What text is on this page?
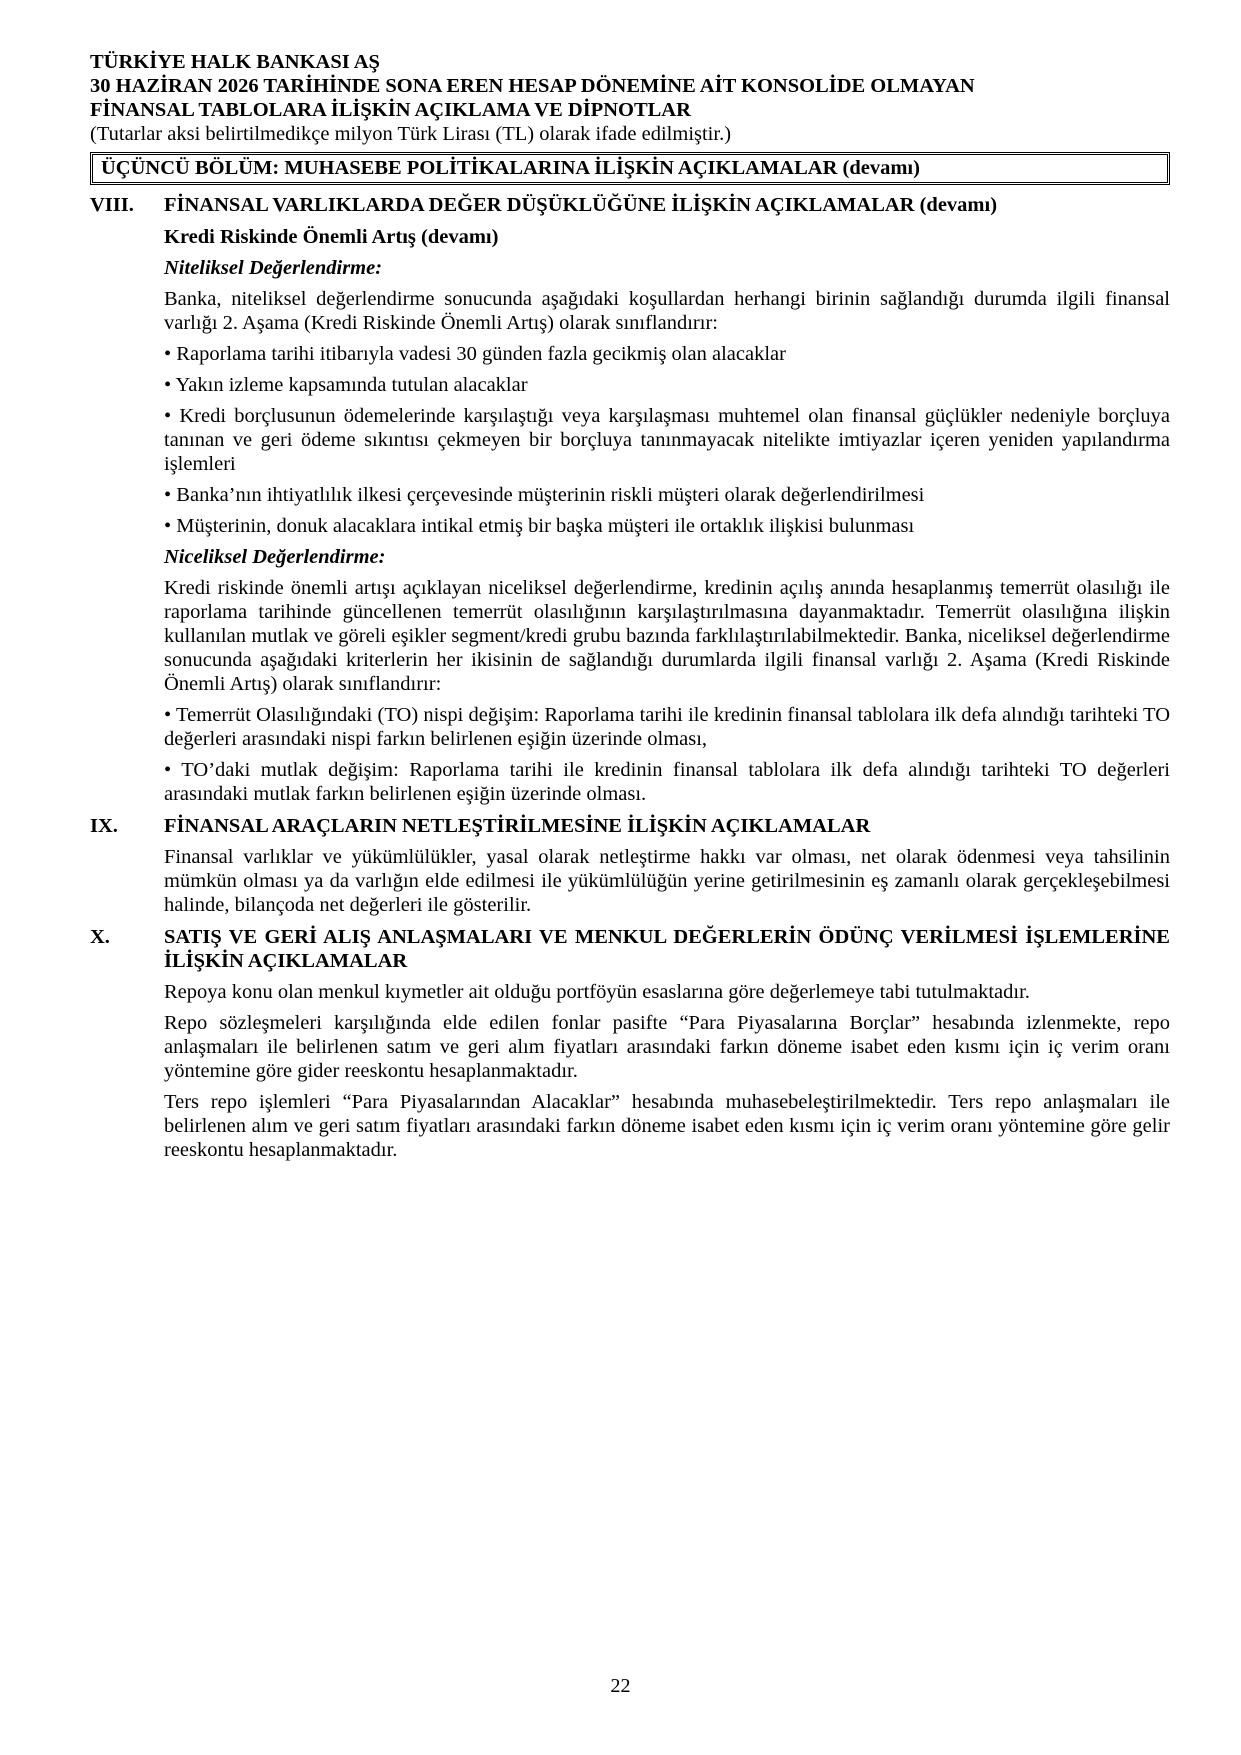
TÜRKİYE HALK BANKASI AŞ
30 HAZİRAN 2026 TARİHİNDE SONA EREN HESAP DÖNEMİNE AİT KONSOLİDE OLMAYAN
FİNANSAL TABLOLARA İLİŞKİN AÇIKLAMA VE DİPNOTLAR
(Tutarlar aksi belirtilmedikçe milyon Türk Lirası (TL) olarak ifade edilmiştir.)
ÜÇÜNCÜ BÖLÜM: MUHASEBE POLİTİKALARINA İLİŞKİN AÇIKLAMALAR (devamı)
VIII.	FİNANSAL VARLIKLARDA DEĞER DÜŞÜKLÜĞÜNE İLİŞKİN AÇIKLAMALAR (devamı)
Kredi Riskinde Önemli Artış (devamı)
Niteliksel Değerlendirme:

Banka, niteliksel değerlendirme sonucunda aşağıdaki koşullardan herhangi birinin sağlandığı durumda ilgili finansal varlığı 2. Aşama (Kredi Riskinde Önemli Artış) olarak sınıflandırır:

• Raporlama tarihi itibarıyla vadesi 30 günden fazla gecikmiş olan alacaklar

• Yakın izleme kapsamında tutulan alacaklar

• Kredi borçlusunun ödemelerinde karşılaştığı veya karşılaşması muhtemel olan finansal güçlükler nedeniyle borçluya tanınan ve geri ödeme sıkıntısı çekmeyen bir borçluya tanınmayacak nitelikte imtiyazlar içeren yeniden yapılandırma işlemleri

• Banka’nın ihtiyatlılık ilkesi çerçevesinde müşterinin riskli müşteri olarak değerlendirilmesi

• Müşterinin, donuk alacaklara intikal etmiş bir başka müşteri ile ortaklık ilişkisi bulunması

Niceliksel Değerlendirme:

Kredi riskinde önemli artışı açıklayan niceliksel değerlendirme, kredinin açılış anında hesaplanmış temerrüt olasılığı ile raporlama tarihinde güncellenen temerrüt olasılığının karşılaştırılmasına dayanmaktadır. Temerrüt olasılığına ilişkin kullanılan mutlak ve göreli eşikler segment/kredi grubu bazında farklılaştırılabilmektedir. Banka, niceliksel değerlendirme sonucunda aşağıdaki kriterlerin her ikisinin de sağlandığı durumlarda ilgili finansal varlığı 2. Aşama (Kredi Riskinde Önemli Artış) olarak sınıflandırır:

• Temerrüt Olasılığındaki (TO) nispi değişim: Raporlama tarihi ile kredinin finansal tablolara ilk defa alındığı tarihteki TO değerleri arasındaki nispi farkın belirlenen eşiğin üzerinde olması,

• TO’daki mutlak değişim: Raporlama tarihi ile kredinin finansal tablolara ilk defa alındığı tarihteki TO değerleri arasındaki mutlak farkın belirlenen eşiğin üzerinde olması.

IX.	FİNANSAL ARAÇLARIN NETLEŞTİRİLMESİNE İLİŞKİN AÇIKLAMALAR

Finansal varlıklar ve yükümlülükler, yasal olarak netleştirme hakkı var olması, net olarak ödenmesi veya tahsilinin mümkün olması ya da varlığın elde edilmesi ile yükümlülüğün yerine getirilmesinin eş zamanlı olarak gerçekleşebilmesi halinde, bilançoda net değerleri ile gösterilir.

X.	SATIŞ VE GERİ ALIŞ ANLAŞMALARI VE MENKUL DEĞERLERİN ÖDÜNÇ VERİLMESİ İŞLEMLERİNE İLİŞKİN AÇIKLAMALAR

Repoya konu olan menkul kıymetler ait olduğu portföyün esaslarına göre değerlemeye tabi tutulmaktadır.

Repo sözleşmeleri karşılığında elde edilen fonlar pasifte “Para Piyasalarına Borçlar” hesabında izlenmekte, repo anlaşmaları ile belirlenen satım ve geri alım fiyatları arasındaki farkın döneme isabet eden kısmı için iç verim oranı yöntemine göre gider reeskontu hesaplanmaktadır.

Ters repo işlemleri “Para Piyasalarından Alacaklar” hesabında muhasebeleştirilmektedir. Ters repo anlaşmaları ile belirlenen alım ve geri satım fiyatları arasındaki farkın döneme isabet eden kısmı için iç verim oranı yöntemine göre gelir reeskontu hesaplanmaktadır.

22
